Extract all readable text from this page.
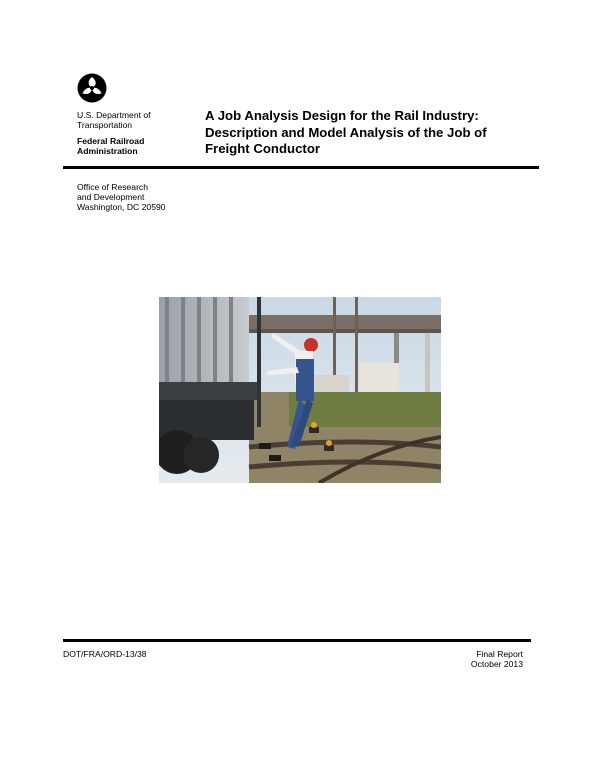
U.S. Department of
Transportation
Federal Railroad
Administration
A Job Analysis Design for the Rail Industry:
Description and Model Analysis of the Job of
Freight Conductor
Office of Research
and Development
Washington, DC 20590
DOT/FRA/ORD-13/38	Final Report
October 2013
